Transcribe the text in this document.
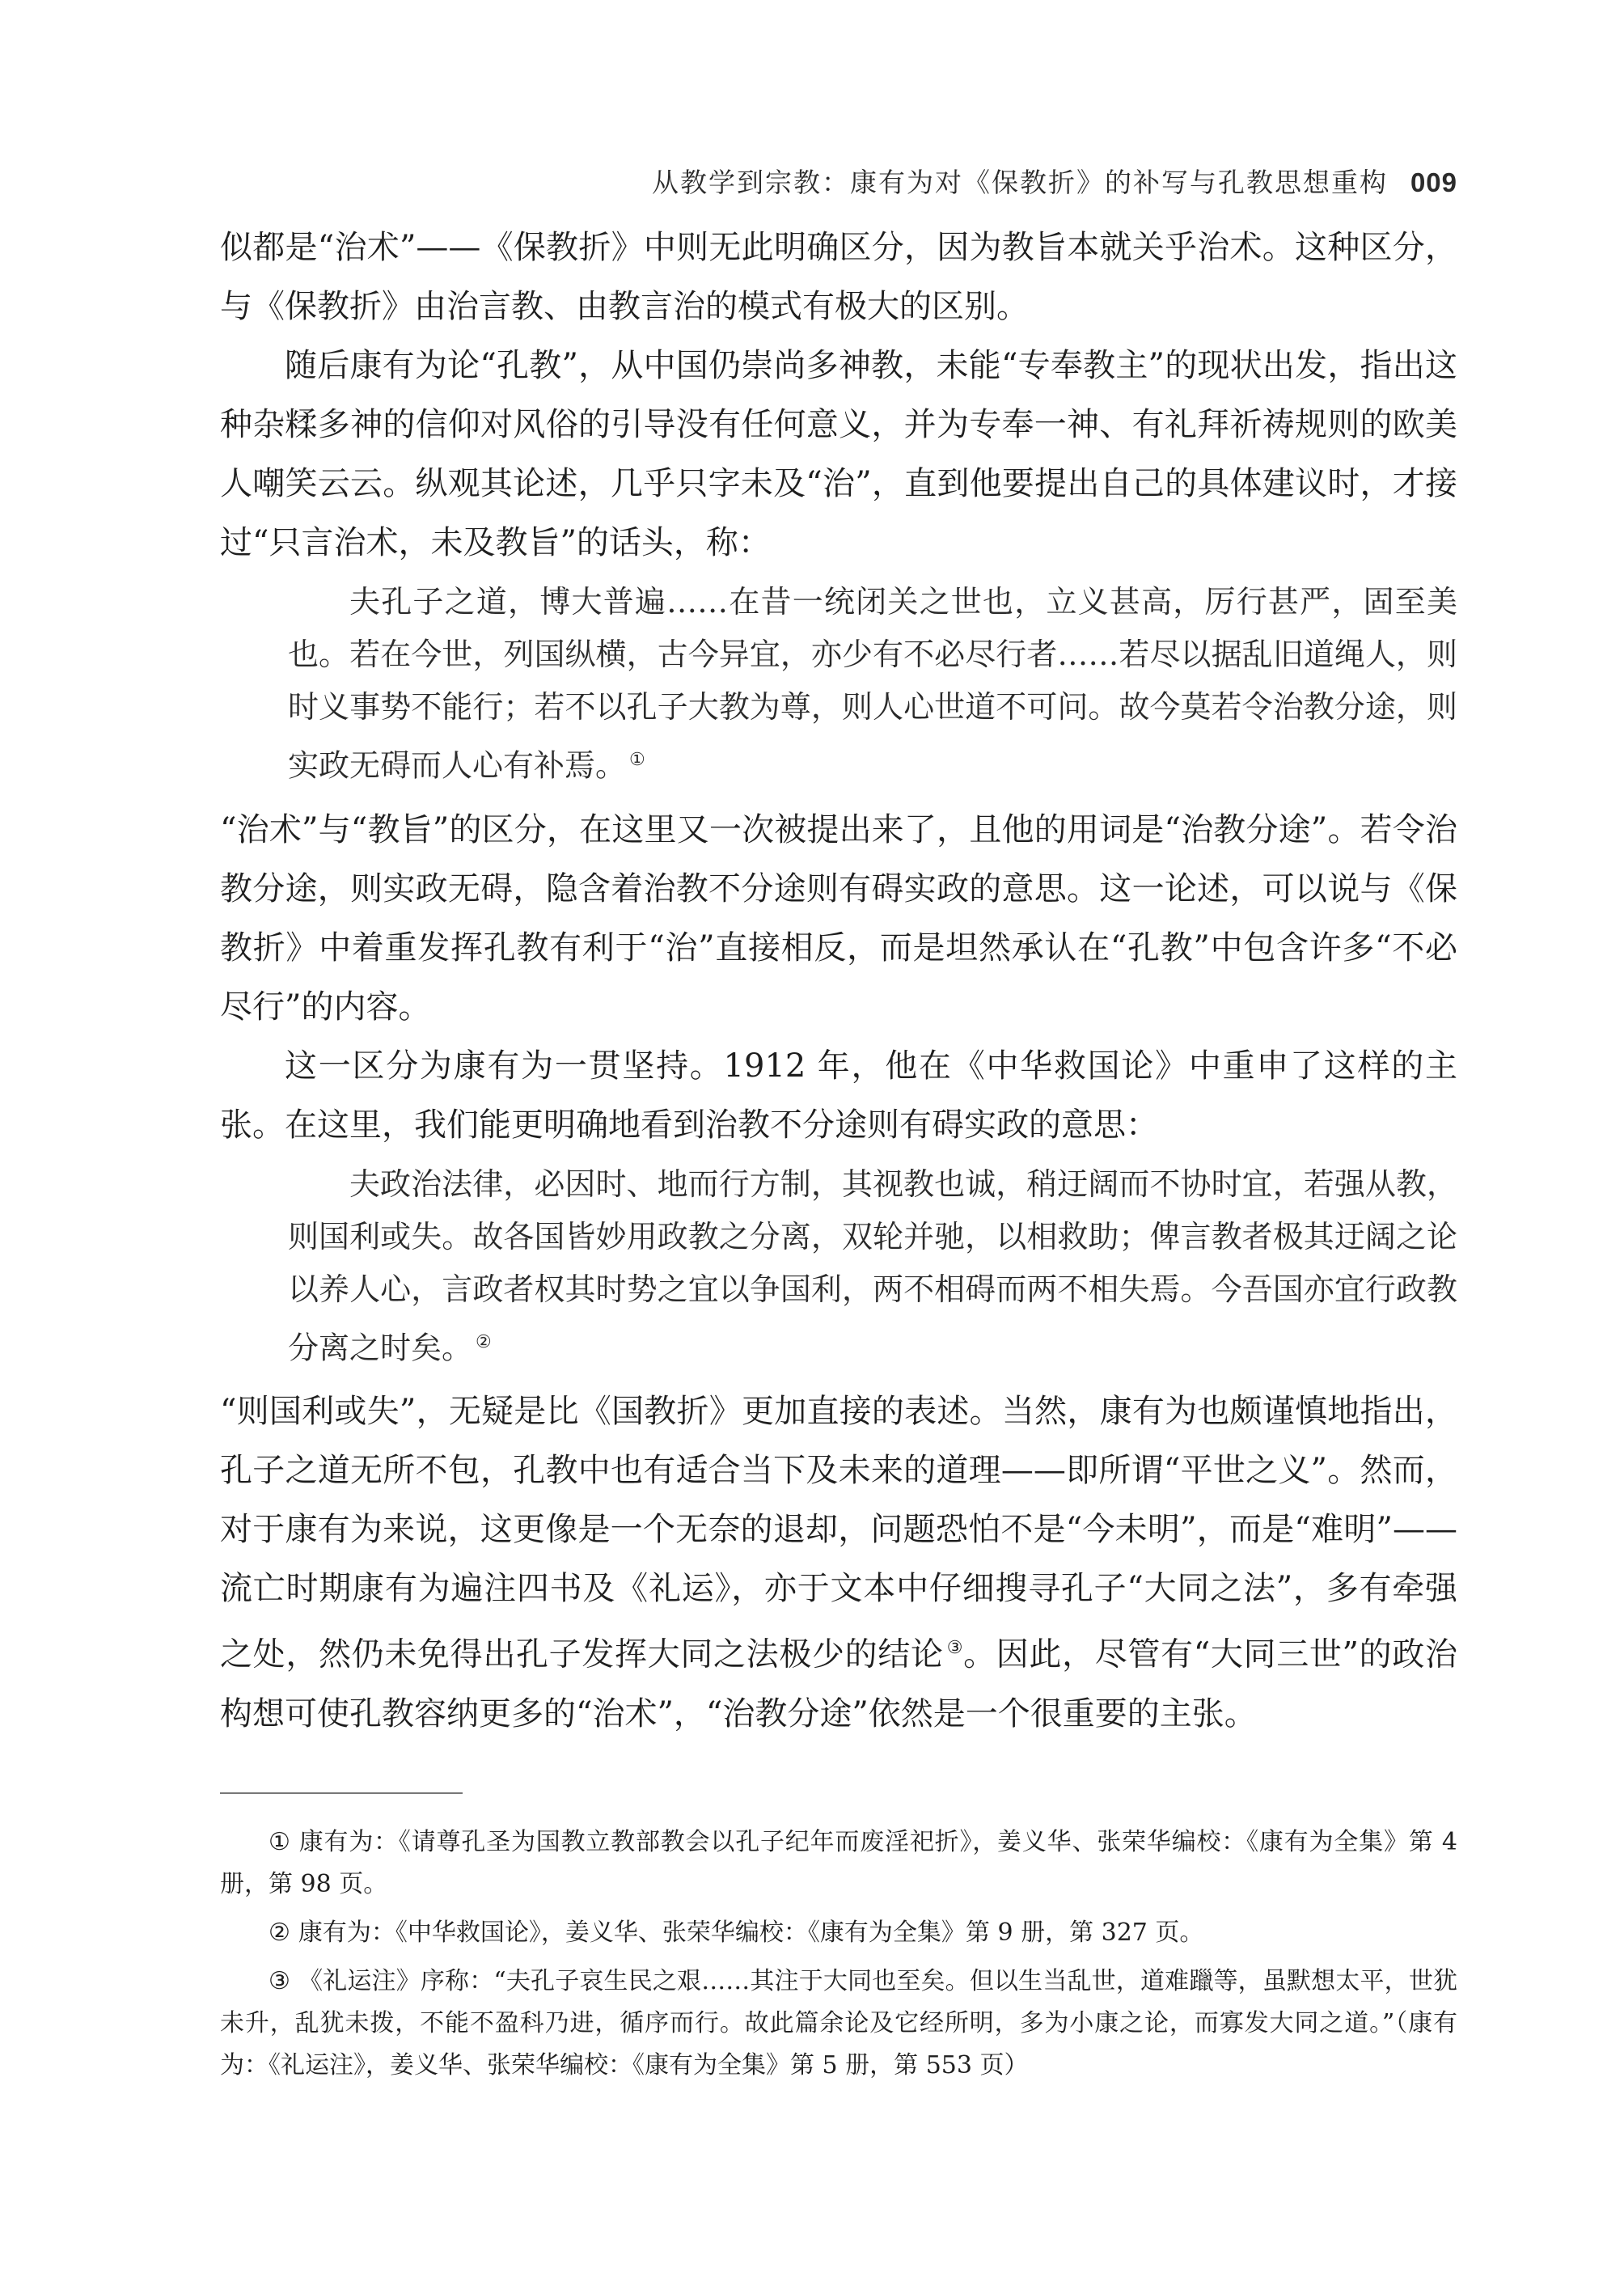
从教学到宗教：康有为对《保教折》的补写与孔教思想重构 009

似都是“治术”——《保教折》中则无此明确区分，因为教旨本就关乎治术。这种区分，与《保教折》由治言教、由教言治的模式有极大的区别。

随后康有为论“孔教”，从中国仍崇尚多神教，未能“专奉教主”的现状出发，指出这种杂糅多神的信仰对风俗的引导没有任何意义，并为专奉一神、有礼拜祈祷规则的欧美人嘲笑云云。纵观其论述，几乎只字未及“治”，直到他要提出自己的具体建议时，才接过“只言治术，未及教旨”的话头，称：

夫孔子之道，博大普遍……在昔一统闭关之世也，立义甚高，厉行甚严，固至美也。若在今世，列国纵横，古今异宜，亦少有不必尽行者……若尽以据乱旧道绳人，则时义事势不能行；若不以孔子大教为尊，则人心世道不可问。故今莫若令治教分途，则实政无碍而人心有补焉。 ①

“治术”与“教旨”的区分，在这里又一次被提出来了，且他的用词是“治教分途”。若令治教分途，则实政无碍，隐含着治教不分途则有碍实政的意思。这一论述，可以说与《保教折》中着重发挥孔教有利于“治”直接相反，而是坦然承认在“孔教”中包含许多“不必尽行”的内容。

这一区分为康有为一贯坚持。1912 年，他在《中华救国论》中重申了这样的主张。在这里，我们能更明确地看到治教不分途则有碍实政的意思：

夫政治法律，必因时、地而行方制，其视教也诚，稍迂阔而不协时宜，若强从教，则国利或失。故各国皆妙用政教之分离，双轮并驰，以相救助；俾言教者极其迂阔之论以养人心，言政者权其时势之宜以争国利，两不相碍而两不相失焉。今吾国亦宜行政教分离之时矣。 ②

“则国利或失”，无疑是比《国教折》更加直接的表述。当然，康有为也颇谨慎地指出，孔子之道无所不包，孔教中也有适合当下及未来的道理——即所谓“平世之义”。然而，对于康有为来说，这更像是一个无奈的退却，问题恐怕不是“今未明”，而是“难明”——流亡时期康有为遍注四书及《礼运》，亦于文本中仔细搜寻孔子“大同之法”，多有牵强之处，然仍未免得出孔子发挥大同之法极少的结论 ③。因此，尽管有“大同三世”的政治构想可使孔教容纳更多的“治术”，“治教分途”依然是一个很重要的主张。

① 康有为：《请尊孔圣为国教立教部教会以孔子纪年而废淫祀折》，姜义华、张荣华编校：《康有为全集》第 4 册，第 98 页。

② 康有为：《中华救国论》，姜义华、张荣华编校：《康有为全集》第 9 册，第 327 页。

③ 《礼运注》序称：“夫孔子哀生民之艰……其注于大同也至矣。但以生当乱世，道难躐等，虽默想太平，世犹未升，乱犹未拨，不能不盈科乃进，循序而行。故此篇余论及它经所明，多为小康之论，而寡发大同之道。”（康有为：《礼运注》，姜义华、张荣华编校：《康有为全集》第 5 册，第 553 页）
